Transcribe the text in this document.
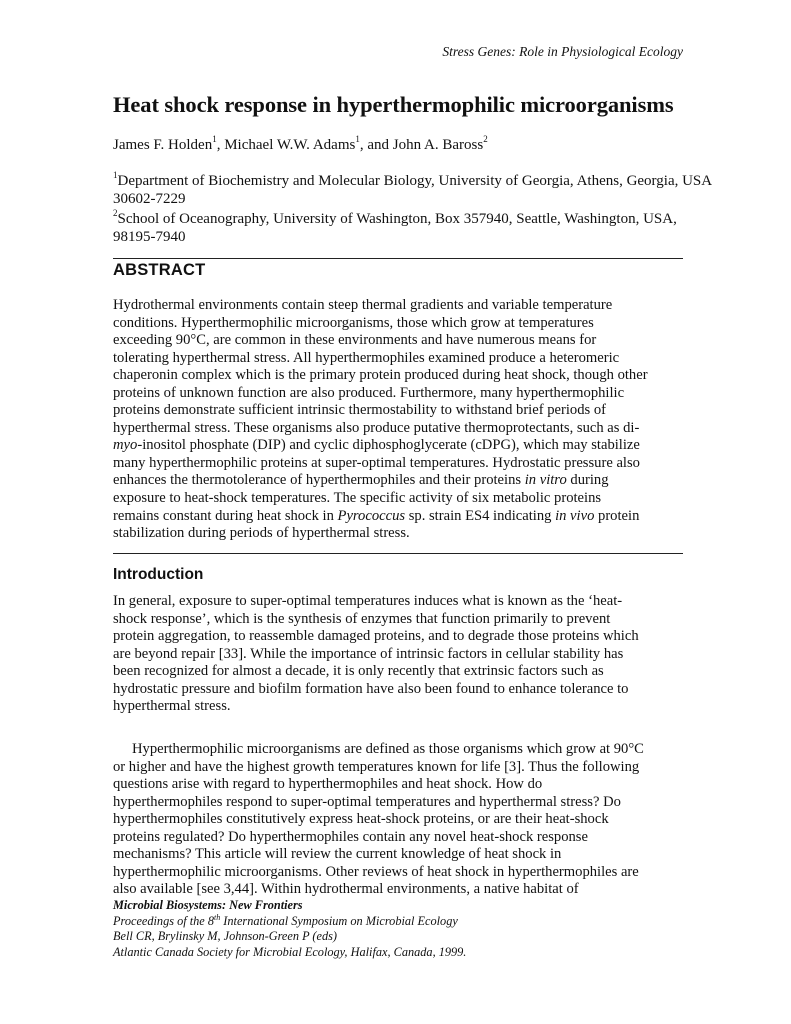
Stress Genes: Role in Physiological Ecology
Heat shock response in hyperthermophilic microorganisms
James F. Holden$^1$, Michael W.W. Adams$^1$, and John A. Baross$^2$
$^1$Department of Biochemistry and Molecular Biology, University of Georgia, Athens, Georgia, USA
30602-7229
$^2$School of Oceanography, University of Washington, Box 357940, Seattle, Washington, USA,
98195-7940
ABSTRACT
Hydrothermal environments contain steep thermal gradients and variable temperature
conditions. Hyperthermophilic microorganisms, those which grow at temperatures
exceeding 90°C, are common in these environments and have numerous means for
tolerating hyperthermal stress. All hyperthermophiles examined produce a heteromeric
chaperonin complex which is the primary protein produced during heat shock, though other
proteins of unknown function are also produced. Furthermore, many hyperthermophilic
proteins demonstrate sufficient intrinsic thermostability to withstand brief periods of
hyperthermal stress. These organisms also produce putative thermoprotectants, such as di-
myo-inositol phosphate (DIP) and cyclic diphosphoglycerate (cDPG), which may stabilize
many hyperthermophilic proteins at super-optimal temperatures. Hydrostatic pressure also
enhances the thermotolerance of hyperthermophiles and their proteins in vitro during
exposure to heat-shock temperatures. The specific activity of six metabolic proteins
remains constant during heat shock in Pyrococcus sp. strain ES4 indicating in vivo protein
stabilization during periods of hyperthermal stress.
Introduction
In general, exposure to super-optimal temperatures induces what is known as the ‘heat-
shock response’, which is the synthesis of enzymes that function primarily to prevent
protein aggregation, to reassemble damaged proteins, and to degrade those proteins which
are beyond repair [33]. While the importance of intrinsic factors in cellular stability has
been recognized for almost a decade, it is only recently that extrinsic factors such as
hydrostatic pressure and biofilm formation have also been found to enhance tolerance to
hyperthermal stress.
Hyperthermophilic microorganisms are defined as those organisms which grow at 90°C
or higher and have the highest growth temperatures known for life [3]. Thus the following
questions arise with regard to hyperthermophiles and heat shock. How do
hyperthermophiles respond to super-optimal temperatures and hyperthermal stress? Do
hyperthermophiles constitutively express heat-shock proteins, or are their heat-shock
proteins regulated? Do hyperthermophiles contain any novel heat-shock response
mechanisms? This article will review the current knowledge of heat shock in
hyperthermophilic microorganisms. Other reviews of heat shock in hyperthermophiles are
also available [see 3,44]. Within hydrothermal environments, a native habitat of
Microbial Biosystems: New Frontiers
Proceedings of the 8th International Symposium on Microbial Ecology
Bell CR, Brylinsky M, Johnson-Green P (eds)
Atlantic Canada Society for Microbial Ecology, Halifax, Canada, 1999.
